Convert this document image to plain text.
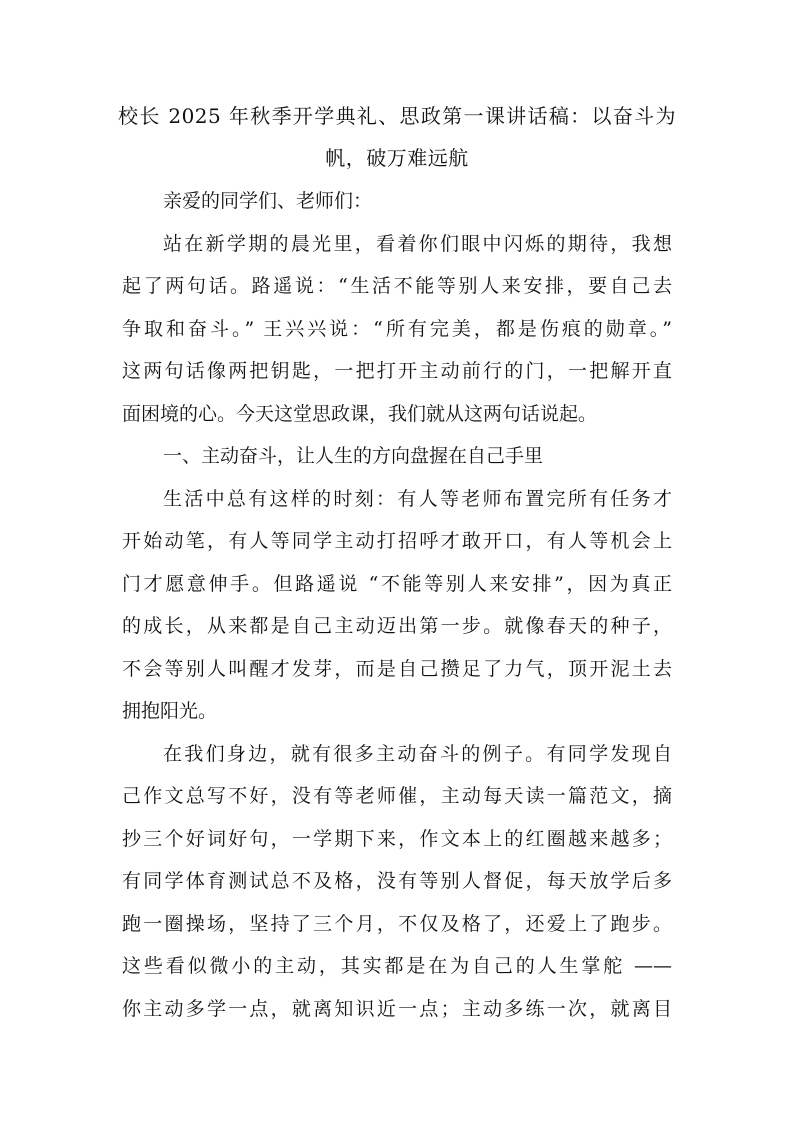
校长 2025 年秋季开学典礼、思政第一课讲话稿：以奋斗为
帆，破万难远航
亲爱的同学们、老师们：
站在新学期的晨光里，看着你们眼中闪烁的期待，我想
起了两句话。路遥说：“生活不能等别人来安排，要自己去
争取和奋斗。” 王兴兴说：“所有完美，都是伤痕的勋章。”
这两句话像两把钥匙，一把打开主动前行的门，一把解开直
面困境的心。今天这堂思政课，我们就从这两句话说起。
一、主动奋斗，让人生的方向盘握在自己手里
生活中总有这样的时刻：有人等老师布置完所有任务才
开始动笔，有人等同学主动打招呼才敢开口，有人等机会上
门才愿意伸手。但路遥说 “不能等别人来安排”，因为真正
的成长，从来都是自己主动迈出第一步。就像春天的种子，
不会等别人叫醒才发芽，而是自己攒足了力气，顶开泥土去
拥抱阳光。
在我们身边，就有很多主动奋斗的例子。有同学发现自
己作文总写不好，没有等老师催，主动每天读一篇范文，摘
抄三个好词好句，一学期下来，作文本上的红圈越来越多；
有同学体育测试总不及格，没有等别人督促，每天放学后多
跑一圈操场，坚持了三个月，不仅及格了，还爱上了跑步。
这些看似微小的主动，其实都是在为自己的人生掌舵 ——
你主动多学一点，就离知识近一点；主动多练一次，就离目
